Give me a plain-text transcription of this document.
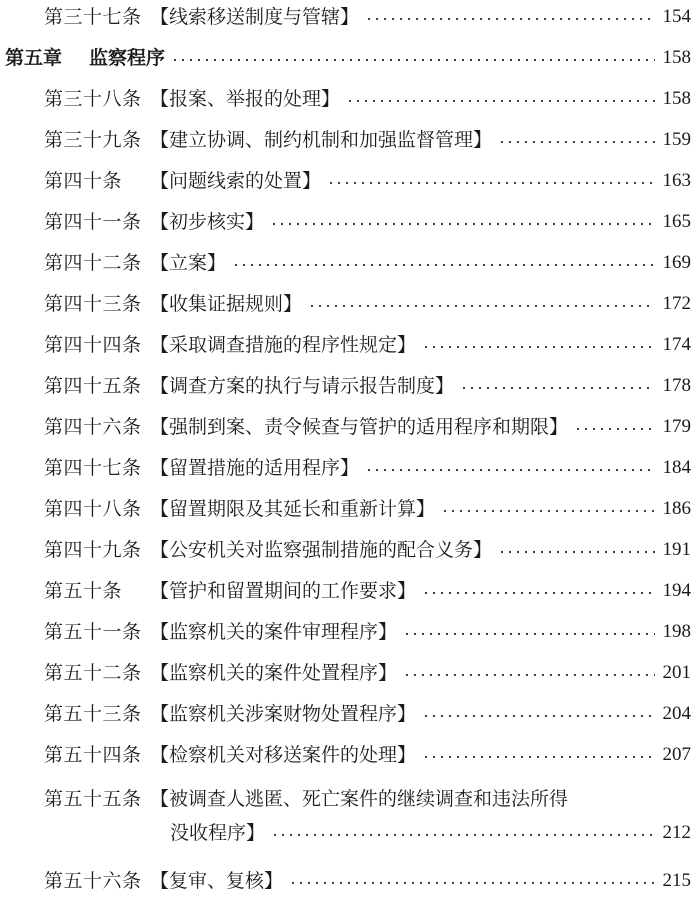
第三十七条 【线索移送制度与管辖】	154
第五章	监察程序	158
第三十八条 【报案、举报的处理】	158
第三十九条 【建立协调、制约机制和加强监督管理】	159
第四十条	【问题线索的处置】	163
第四十一条 【初步核实】	165
第四十二条 【立案】	169
第四十三条 【收集证据规则】	172
第四十四条 【采取调查措施的程序性规定】	174
第四十五条 【调查方案的执行与请示报告制度】	178
第四十六条 【强制到案、责令候查与管护的适用程序和期限】	179
第四十七条 【留置措施的适用程序】	184
第四十八条 【留置期限及其延长和重新计算】	186
第四十九条 【公安机关对监察强制措施的配合义务】	191
第五十条	【管护和留置期间的工作要求】	194
第五十一条 【监察机关的案件审理程序】	198
第五十二条 【监察机关的案件处置程序】	201
第五十三条 【监察机关涉案财物处置程序】	204
第五十四条 【检察机关对移送案件的处理】	207
第五十五条 【被调查人逃匿、死亡案件的继续调查和违法所得
没收程序】	212
第五十六条 【复审、复核】	215
